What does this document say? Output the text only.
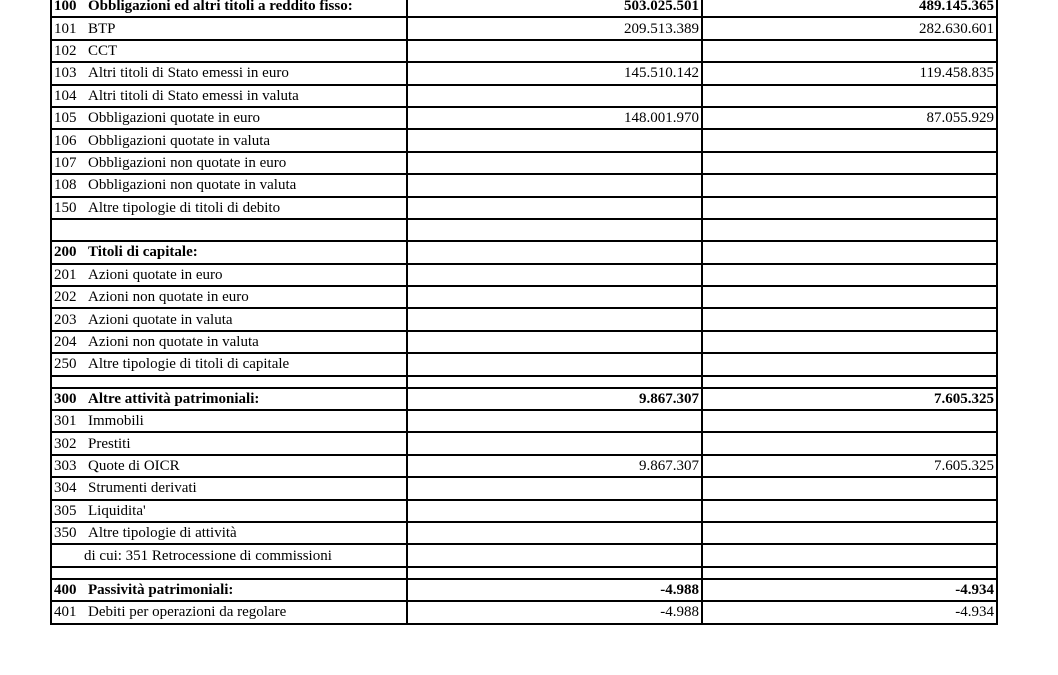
100 Obbligazioni ed altri titoli a reddito fisso:	503.025.501	489.145.365
101 BTP	209.513.389	282.630.601
102 CCT		
103 Altri titoli di Stato emessi in euro	145.510.142	119.458.835
104 Altri titoli di Stato emessi in valuta		
105 Obbligazioni quotate in euro	148.001.970	87.055.929
106 Obbligazioni quotate in valuta		
107 Obbligazioni non quotate in euro		
108 Obbligazioni non quotate in valuta		
150 Altre tipologie di titoli di debito		

200 Titoli di capitale:		
201 Azioni quotate in euro		
202 Azioni non quotate in euro		
203 Azioni quotate in valuta		
204 Azioni non quotate in valuta		
250 Altre tipologie di titoli di capitale		

300 Altre attività patrimoniali:	9.867.307	7.605.325
301 Immobili		
302 Prestiti		
303 Quote di OICR	9.867.307	7.605.325
304 Strumenti derivati		
305 Liquidita'		
350 Altre tipologie di attività		
di cui: 351 Retrocessione di commissioni		

400 Passività patrimoniali:	-4.988	-4.934
401 Debiti per operazioni da regolare	-4.988	-4.934
